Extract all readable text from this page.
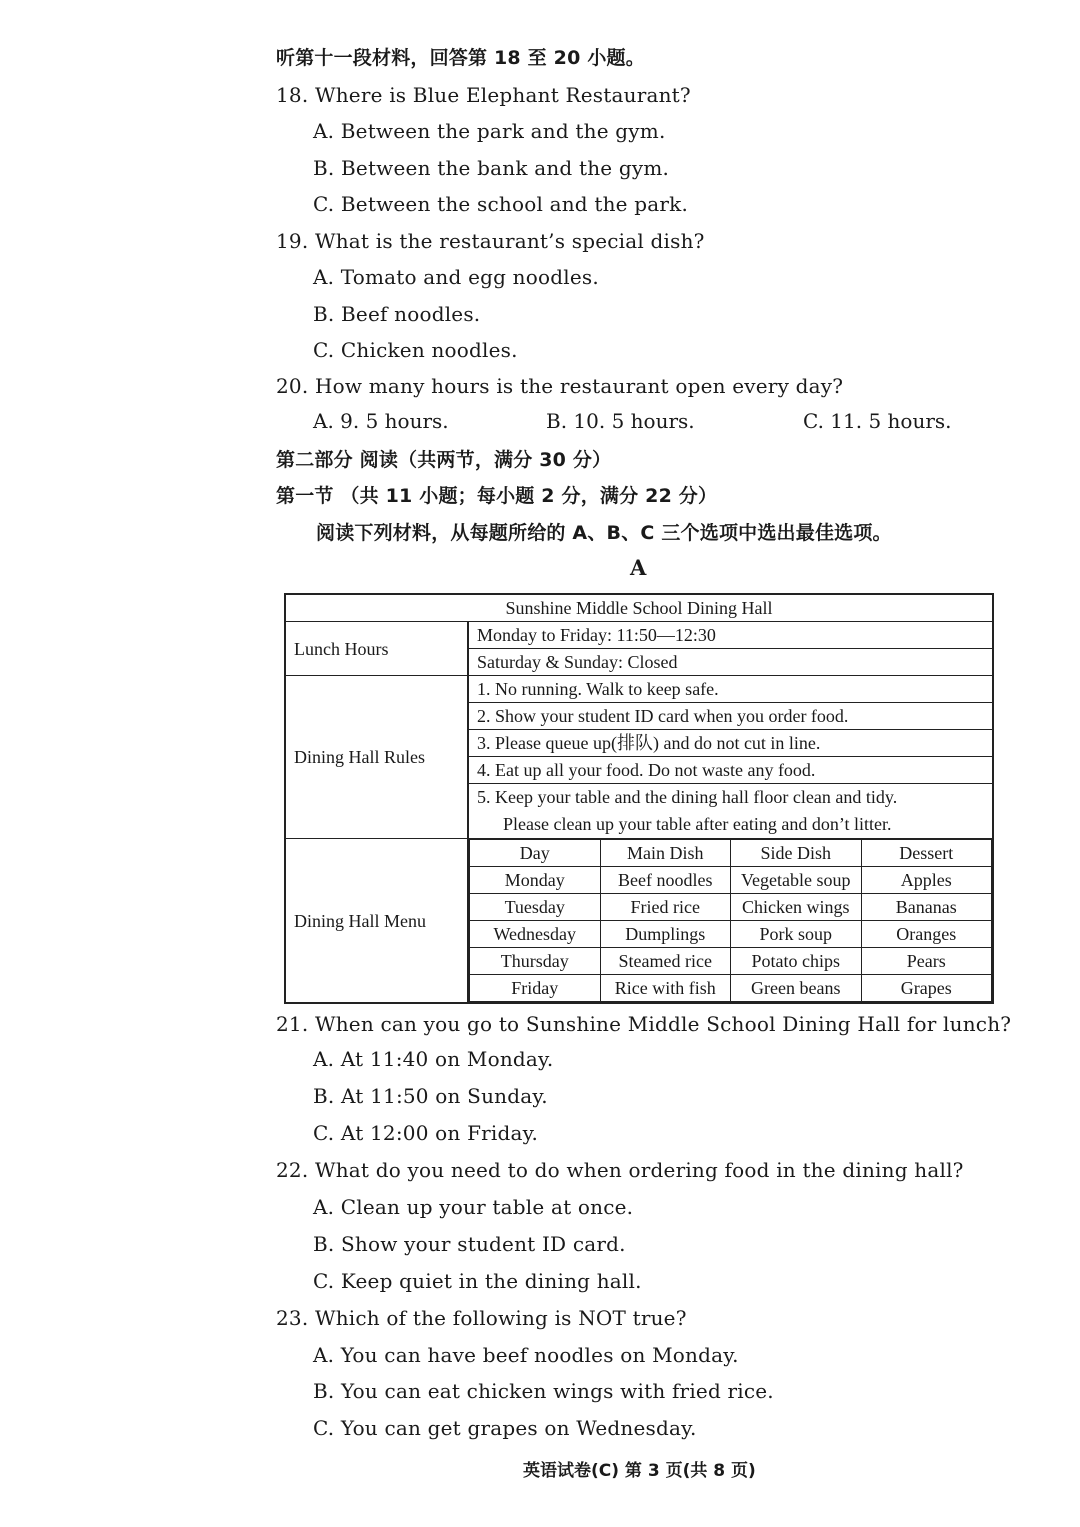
听第十一段材料，回答第 18 至 20 小题。
18. Where is Blue Elephant Restaurant?
A. Between the park and the gym.
B. Between the bank and the gym.
C. Between the school and the park.
19. What is the restaurant’s special dish?
A. Tomato and egg noodles.
B. Beef noodles.
C. Chicken noodles.
20. How many hours is the restaurant open every day?
A. 9. 5 hours.	B. 10. 5 hours.	C. 11. 5 hours.
第二部分 阅读（共两节，满分 30 分）
第一节 （共 11 小题；每小题 2 分，满分 22 分）
阅读下列材料，从每题所给的 A、B、C 三个选项中选出最佳选项。
A
Sunshine Middle School Dining Hall
Lunch Hours	Monday to Friday: 11:50—12:30
Saturday & Sunday: Closed
Dining Hall Rules	1. No running. Walk to keep safe.
2. Show your student ID card when you order food.
3. Please queue up(排队) and do not cut in line.
4. Eat up all your food. Do not waste any food.

5. Keep your table and the dining hall floor clean and tidy.
Please clean up your table after eating and don’t litter.

Dining Hall Menu	
Day	Main Dish	Side Dish	Dessert
Monday	Beef noodles	Vegetable soup	Apples
Tuesday	Fried rice	Chicken wings	Bananas
Wednesday	Dumplings	Pork soup	Oranges
Thursday	Steamed rice	Potato chips	Pears
Friday	Rice with fish	Green beans	Grapes
21. When can you go to Sunshine Middle School Dining Hall for lunch?
A. At 11:40 on Monday.
B. At 11:50 on Sunday.
C. At 12:00 on Friday.
22. What do you need to do when ordering food in the dining hall?
A. Clean up your table at once.
B. Show your student ID card.
C. Keep quiet in the dining hall.
23. Which of the following is NOT true?
A. You can have beef noodles on Monday.
B. You can eat chicken wings with fried rice.
C. You can get grapes on Wednesday.
英语试卷(C) 第 3 页(共 8 页)
